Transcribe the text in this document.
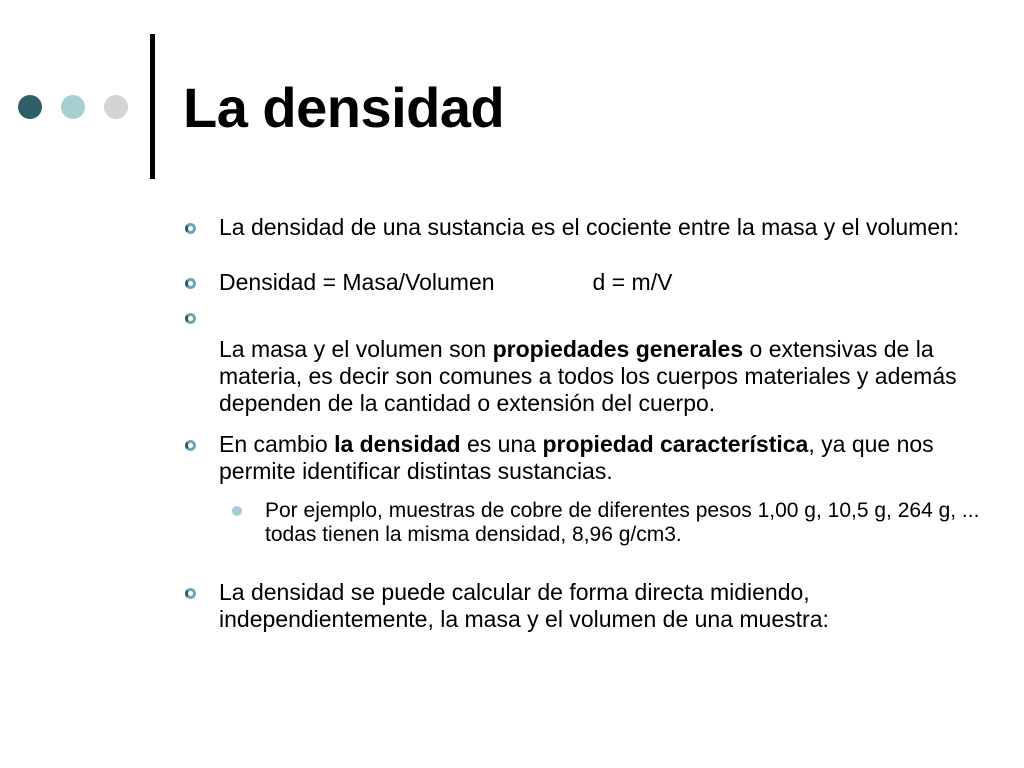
La densidad
La densidad de una sustancia es el cociente entre la masa y el volumen:
Densidad = Masa/Volumen	d = m/V
La masa y el volumen son propiedades generales o extensivas de la materia, es decir son comunes a todos los cuerpos materiales y además dependen de la cantidad o extensión del cuerpo.
En cambio la densidad es una propiedad característica, ya que nos permite identificar distintas sustancias.
Por ejemplo, muestras de cobre de diferentes pesos 1,00 g, 10,5 g, 264 g, ... todas tienen la misma densidad, 8,96 g/cm3.
La densidad se puede calcular de forma directa midiendo, independientemente, la masa y el volumen de una muestra:
